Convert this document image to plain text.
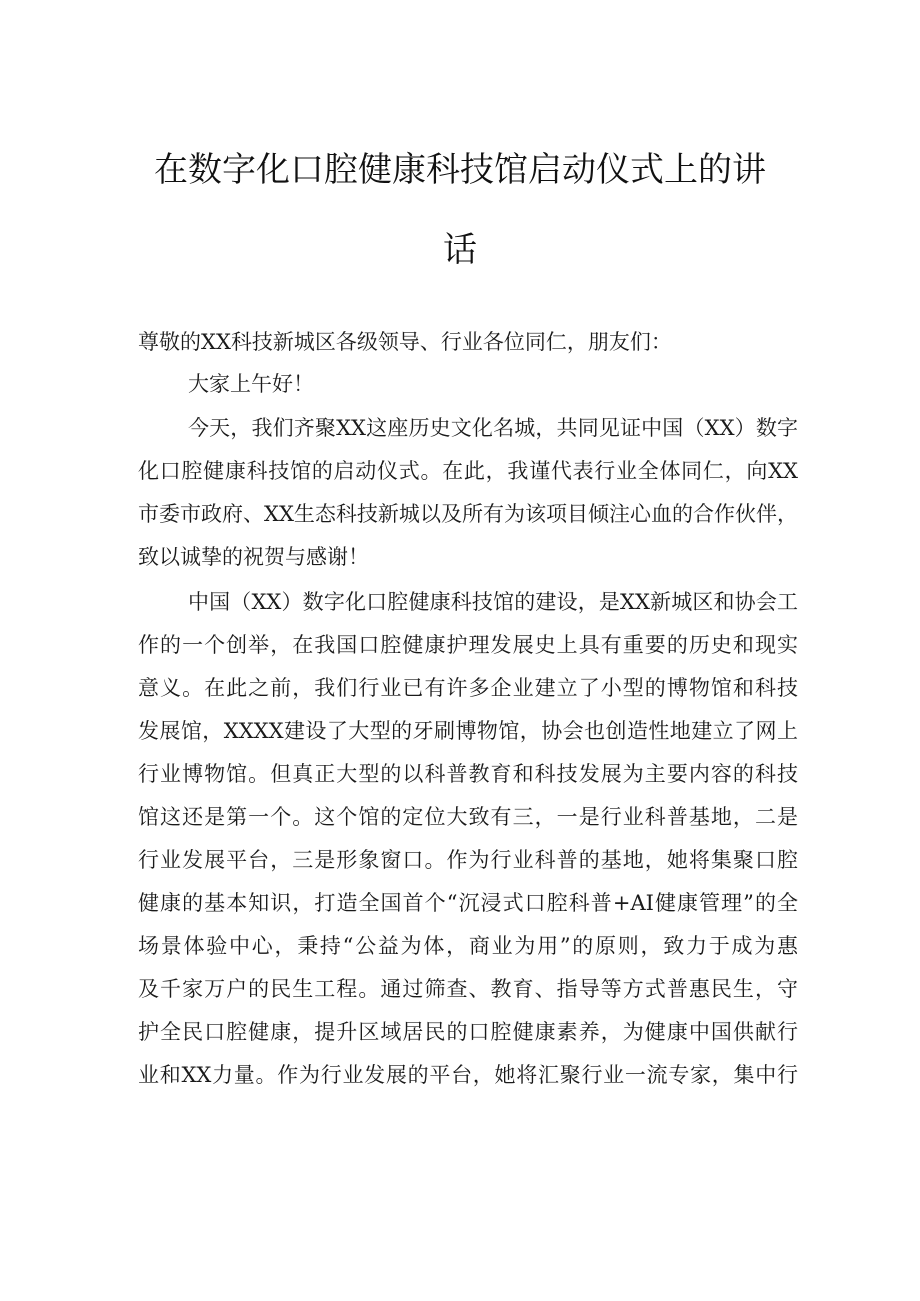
在数字化口腔健康科技馆启动仪式上的讲
话
尊敬的XX科技新城区各级领导、行业各位同仁，朋友们：
大家上午好！
今天，我们齐聚XX这座历史文化名城，共同见证中国（XX）数字
化口腔健康科技馆的启动仪式。在此，我谨代表行业全体同仁，向XX
市委市政府、XX生态科技新城以及所有为该项目倾注心血的合作伙伴，
致以诚挚的祝贺与感谢！
中国（XX）数字化口腔健康科技馆的建设，是XX新城区和协会工
作的一个创举，在我国口腔健康护理发展史上具有重要的历史和现实
意义。在此之前，我们行业已有许多企业建立了小型的博物馆和科技
发展馆，XXXX建设了大型的牙刷博物馆，协会也创造性地建立了网上
行业博物馆。但真正大型的以科普教育和科技发展为主要内容的科技
馆这还是第一个。这个馆的定位大致有三，一是行业科普基地，二是
行业发展平台，三是形象窗口。作为行业科普的基地，她将集聚口腔
健康的基本知识，打造全国首个“沉浸式口腔科普+AI健康管理”的全
场景体验中心，秉持“公益为体，商业为用”的原则，致力于成为惠
及千家万户的民生工程。通过筛查、教育、指导等方式普惠民生，守
护全民口腔健康，提升区域居民的口腔健康素养，为健康中国供献行
业和XX力量。作为行业发展的平台，她将汇聚行业一流专家，集中行
